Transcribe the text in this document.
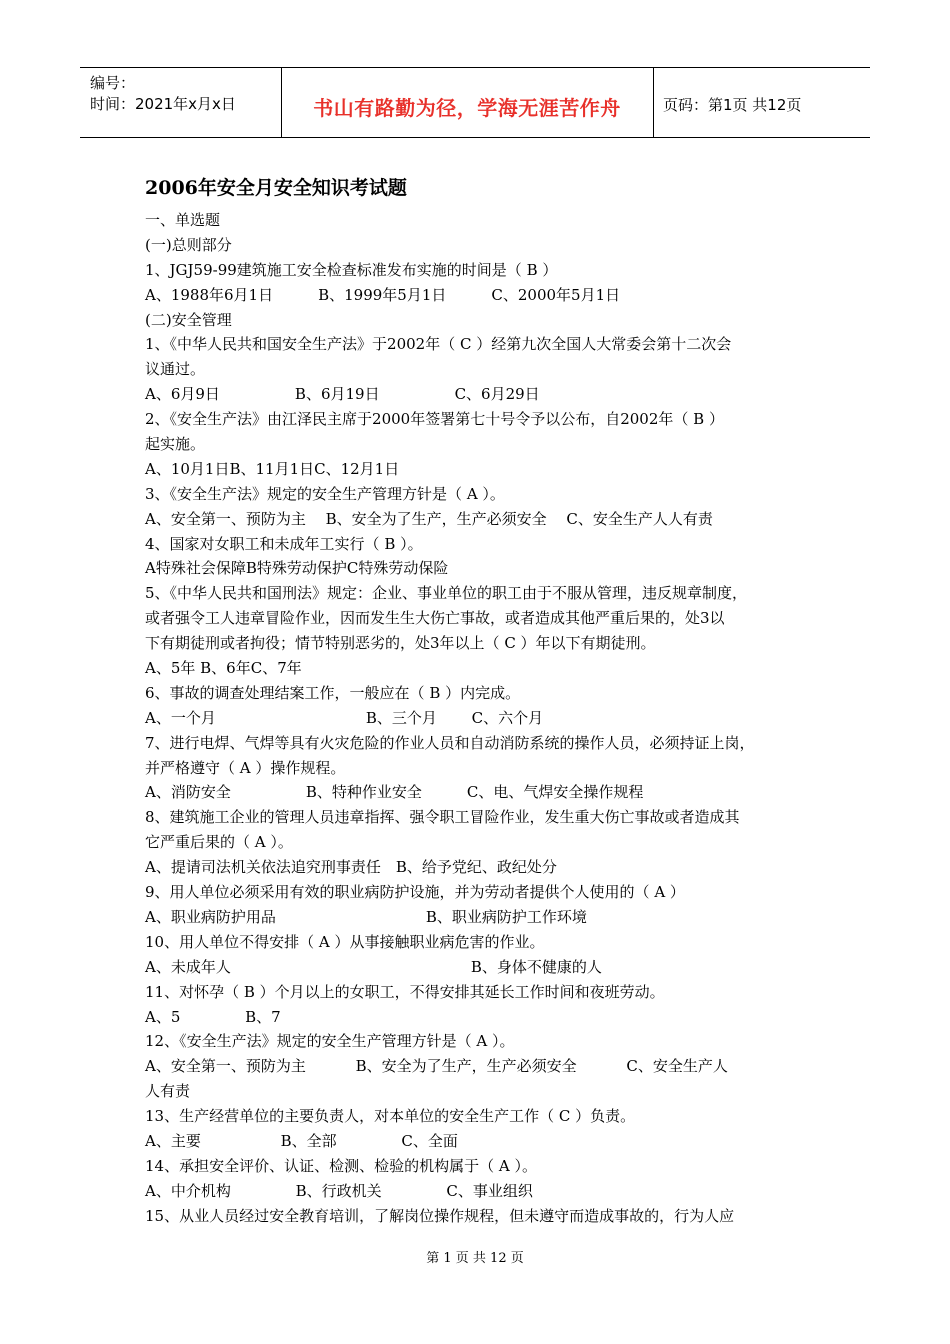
编号：
时间：2021年x月x日	书山有路勤为径，学海无涯苦作舟	页码：第1页 共12页
2006年安全月安全知识考试题
一、单选题
(一)总则部分
1、JGJ59-99建筑施工安全检查标准发布实施的时间是（ B ）
A、1988年6月1日　　　B、1999年5月1日　　　C、2000年5月1日
(二)安全管理
1、《中华人民共和国安全生产法》于2002年（ C ）经第九次全国人大常委会第十二次会
议通过。
A、6月9日　　　　　B、6月19日　　　　　C、6月29日
2、《安全生产法》由江泽民主席于2000年签署第七十号令予以公布，自2002年（ B ）
起实施。
A、10月1日B、11月1日C、12月1日
3、《安全生产法》规定的安全生产管理方针是（ A ）。
A、安全第一、预防为主　 B、安全为了生产，生产必须安全　 C、安全生产人人有责
4、国家对女职工和未成年工实行（ B ）。
A特殊社会保障B特殊劳动保护C特殊劳动保险
5、《中华人民共和国刑法》规定：企业、事业单位的职工由于不服从管理，违反规章制度，
或者强令工人违章冒险作业，因而发生生大伤亡事故，或者造成其他严重后果的，处3以
下有期徒刑或者拘役；情节特别恶劣的，处3年以上（ C ）年以下有期徒刑。
A、5年 B、6年C、7年
6、事故的调查处理结案工作，一般应在（ B ）内完成。
A、一个月　　　　　　　　　　B、三个月　　 C、六个月
7、进行电焊、气焊等具有火灾危险的作业人员和自动消防系统的操作人员，必须持证上岗，
并严格遵守（ A ）操作规程。
A、消防安全　　　　　B、特种作业安全　　　C、电、气焊安全操作规程
8、建筑施工企业的管理人员违章指挥、强令职工冒险作业，发生重大伤亡事故或者造成其
它严重后果的（ A ）。
A、提请司法机关依法追究刑事责任　B、给予党纪、政纪处分
9、用人单位必须采用有效的职业病防护设施，并为劳动者提供个人使用的（ A ）
A、职业病防护用品　　　　　　　　　　B、职业病防护工作环境
10、用人单位不得安排（ A ）从事接触职业病危害的作业。
A、未成年人　　　　　　　　　　　　　　　　B、身体不健康的人
11、对怀孕（ B ）个月以上的女职工，不得安排其延长工作时间和夜班劳动。
A、5　　　　 B、7
12、《安全生产法》规定的安全生产管理方针是（ A ）。
A、安全第一、预防为主　　　 B、安全为了生产，生产必须安全　　　 C、安全生产人
人有责
13、生产经营单位的主要负责人，对本单位的安全生产工作（ C ）负责。
A、主要　　　　　 B、全部　　　　 C、全面
14、承担安全评价、认证、检测、检验的机构属于（ A ）。
A、中介机构　　　　 B、行政机关　　　　 C、事业组织
15、从业人员经过安全教育培训，了解岗位操作规程，但未遵守而造成事故的，行为人应
第 1 页 共 12 页
